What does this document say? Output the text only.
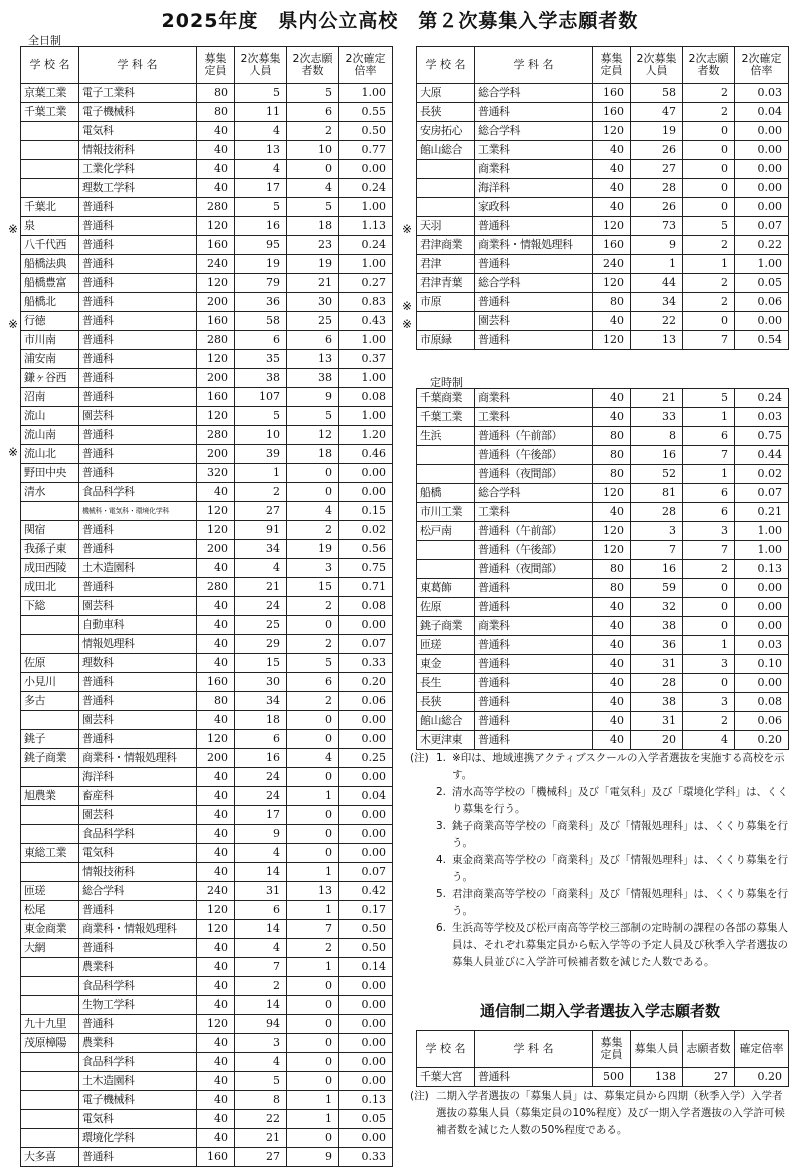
2025年度　県内公立高校　第２次募集入学志願者数
全日制
定時制
学 校 名	学 科 名	募集定員	2次募集人員	2次志願者数	2次確定倍率
京葉工業	電子工業科	80	5	5	1.00
千葉工業	電子機械科	80	11	6	0.55
	電気科	40	4	2	0.50
	情報技術科	40	13	10	0.77
	工業化学科	40	4	0	0.00
	理数工学科	40	17	4	0.24
千葉北	普通科	280	5	5	1.00
泉	普通科	120	16	18	1.13
八千代西	普通科	160	95	23	0.24
船橋法典	普通科	240	19	19	1.00
船橋豊富	普通科	120	79	21	0.27
船橋北	普通科	200	36	30	0.83
行徳	普通科	160	58	25	0.43
市川南	普通科	280	6	6	1.00
浦安南	普通科	120	35	13	0.37
鎌ヶ谷西	普通科	200	38	38	1.00
沼南	普通科	160	107	9	0.08
流山	園芸科	120	5	5	1.00
流山南	普通科	280	10	12	1.20
流山北	普通科	200	39	18	0.46
野田中央	普通科	320	1	0	0.00
清水	食品科学科	40	2	0	0.00
	機械科・電気科・環境化学科	120	27	4	0.15
関宿	普通科	120	91	2	0.02
我孫子東	普通科	200	34	19	0.56
成田西陵	土木造園科	40	4	3	0.75
成田北	普通科	280	21	15	0.71
下総	園芸科	40	24	2	0.08
	自動車科	40	25	0	0.00
	情報処理科	40	29	2	0.07
佐原	理数科	40	15	5	0.33
小見川	普通科	160	30	6	0.20
多古	普通科	80	34	2	0.06
	園芸科	40	18	0	0.00
銚子	普通科	120	6	0	0.00
銚子商業	商業科・情報処理科	200	16	4	0.25
	海洋科	40	24	0	0.00
旭農業	畜産科	40	24	1	0.04
	園芸科	40	17	0	0.00
	食品科学科	40	9	0	0.00
東総工業	電気科	40	4	0	0.00
	情報技術科	40	14	1	0.07
匝瑳	総合学科	240	31	13	0.42
松尾	普通科	120	6	1	0.17
東金商業	商業科・情報処理科	120	14	7	0.50
大網	普通科	40	4	2	0.50
	農業科	40	7	1	0.14
	食品科学科	40	2	0	0.00
	生物工学科	40	14	0	0.00
九十九里	普通科	120	94	0	0.00
茂原樟陽	農業科	40	3	0	0.00
	食品科学科	40	4	0	0.00
	土木造園科	40	5	0	0.00
	電子機械科	40	8	1	0.13
	電気科	40	22	1	0.05
	環境化学科	40	21	0	0.00
大多喜	普通科	160	27	9	0.33
学 校 名	学 科 名	募集定員	2次募集人員	2次志願者数	2次確定倍率
大原	総合学科	160	58	2	0.03
長狭	普通科	160	47	2	0.04
安房拓心	総合学科	120	19	0	0.00
館山総合	工業科	40	26	0	0.00
	商業科	40	27	0	0.00
	海洋科	40	28	0	0.00
	家政科	40	26	0	0.00
天羽	普通科	120	73	5	0.07
君津商業	商業科・情報処理科	160	9	2	0.22
君津	普通科	240	1	1	1.00
君津青葉	総合学科	120	44	2	0.05
市原	普通科	80	34	2	0.06
	園芸科	40	22	0	0.00
市原緑	普通科	120	13	7	0.54
千葉商業	商業科	40	21	5	0.24
千葉工業	工業科	40	33	1	0.03
生浜	普通科（午前部）	80	8	6	0.75
	普通科（午後部）	80	16	7	0.44
	普通科（夜間部）	80	52	1	0.02
船橋	総合学科	120	81	6	0.07
市川工業	工業科	40	28	6	0.21
松戸南	普通科（午前部）	120	3	3	1.00
	普通科（午後部）	120	7	7	1.00
	普通科（夜間部）	80	16	2	0.13
東葛飾	普通科	80	59	0	0.00
佐原	普通科	40	32	0	0.00
銚子商業	商業科	40	38	0	0.00
匝瑳	普通科	40	36	1	0.03
東金	普通科	40	31	3	0.10
長生	普通科	40	28	0	0.00
長狭	普通科	40	38	3	0.08
館山総合	普通科	40	31	2	0.06
木更津東	普通科	40	20	4	0.20
※
※
※
※
※
※
(注) 1. ※印は、地域連携アクティブスクールの入学者選抜を実施する高校を示す。
2. 清水高等学校の「機械科」及び「電気科」及び「環境化学科」は、くくり募集を行う。
3. 銚子商業高等学校の「商業科」及び「情報処理科」は、くくり募集を行う。
4. 東金商業高等学校の「商業科」及び「情報処理科」は、くくり募集を行う。
5. 君津商業高等学校の「商業科」及び「情報処理科」は、くくり募集を行う。
6. 生浜高等学校及び松戸南高等学校三部制の定時制の課程の各部の募集人員は、それぞれ募集定員から転入学等の予定人員及び秋季入学者選抜の募集人員並びに入学許可候補者数を減じた人数である。
通信制二期入学者選抜入学志願者数
学 校 名	学 科 名	募集定員	募集人員	志願者数	確定倍率
千葉大宮	普通科	500	138	27	0.20
(注) 二期入学者選抜の「募集人員」は、募集定員から四期（秋季入学）入学者選抜の募集人員（募集定員の10%程度）及び一期入学者選抜の入学許可候補者数を減じた人数の50%程度である。
